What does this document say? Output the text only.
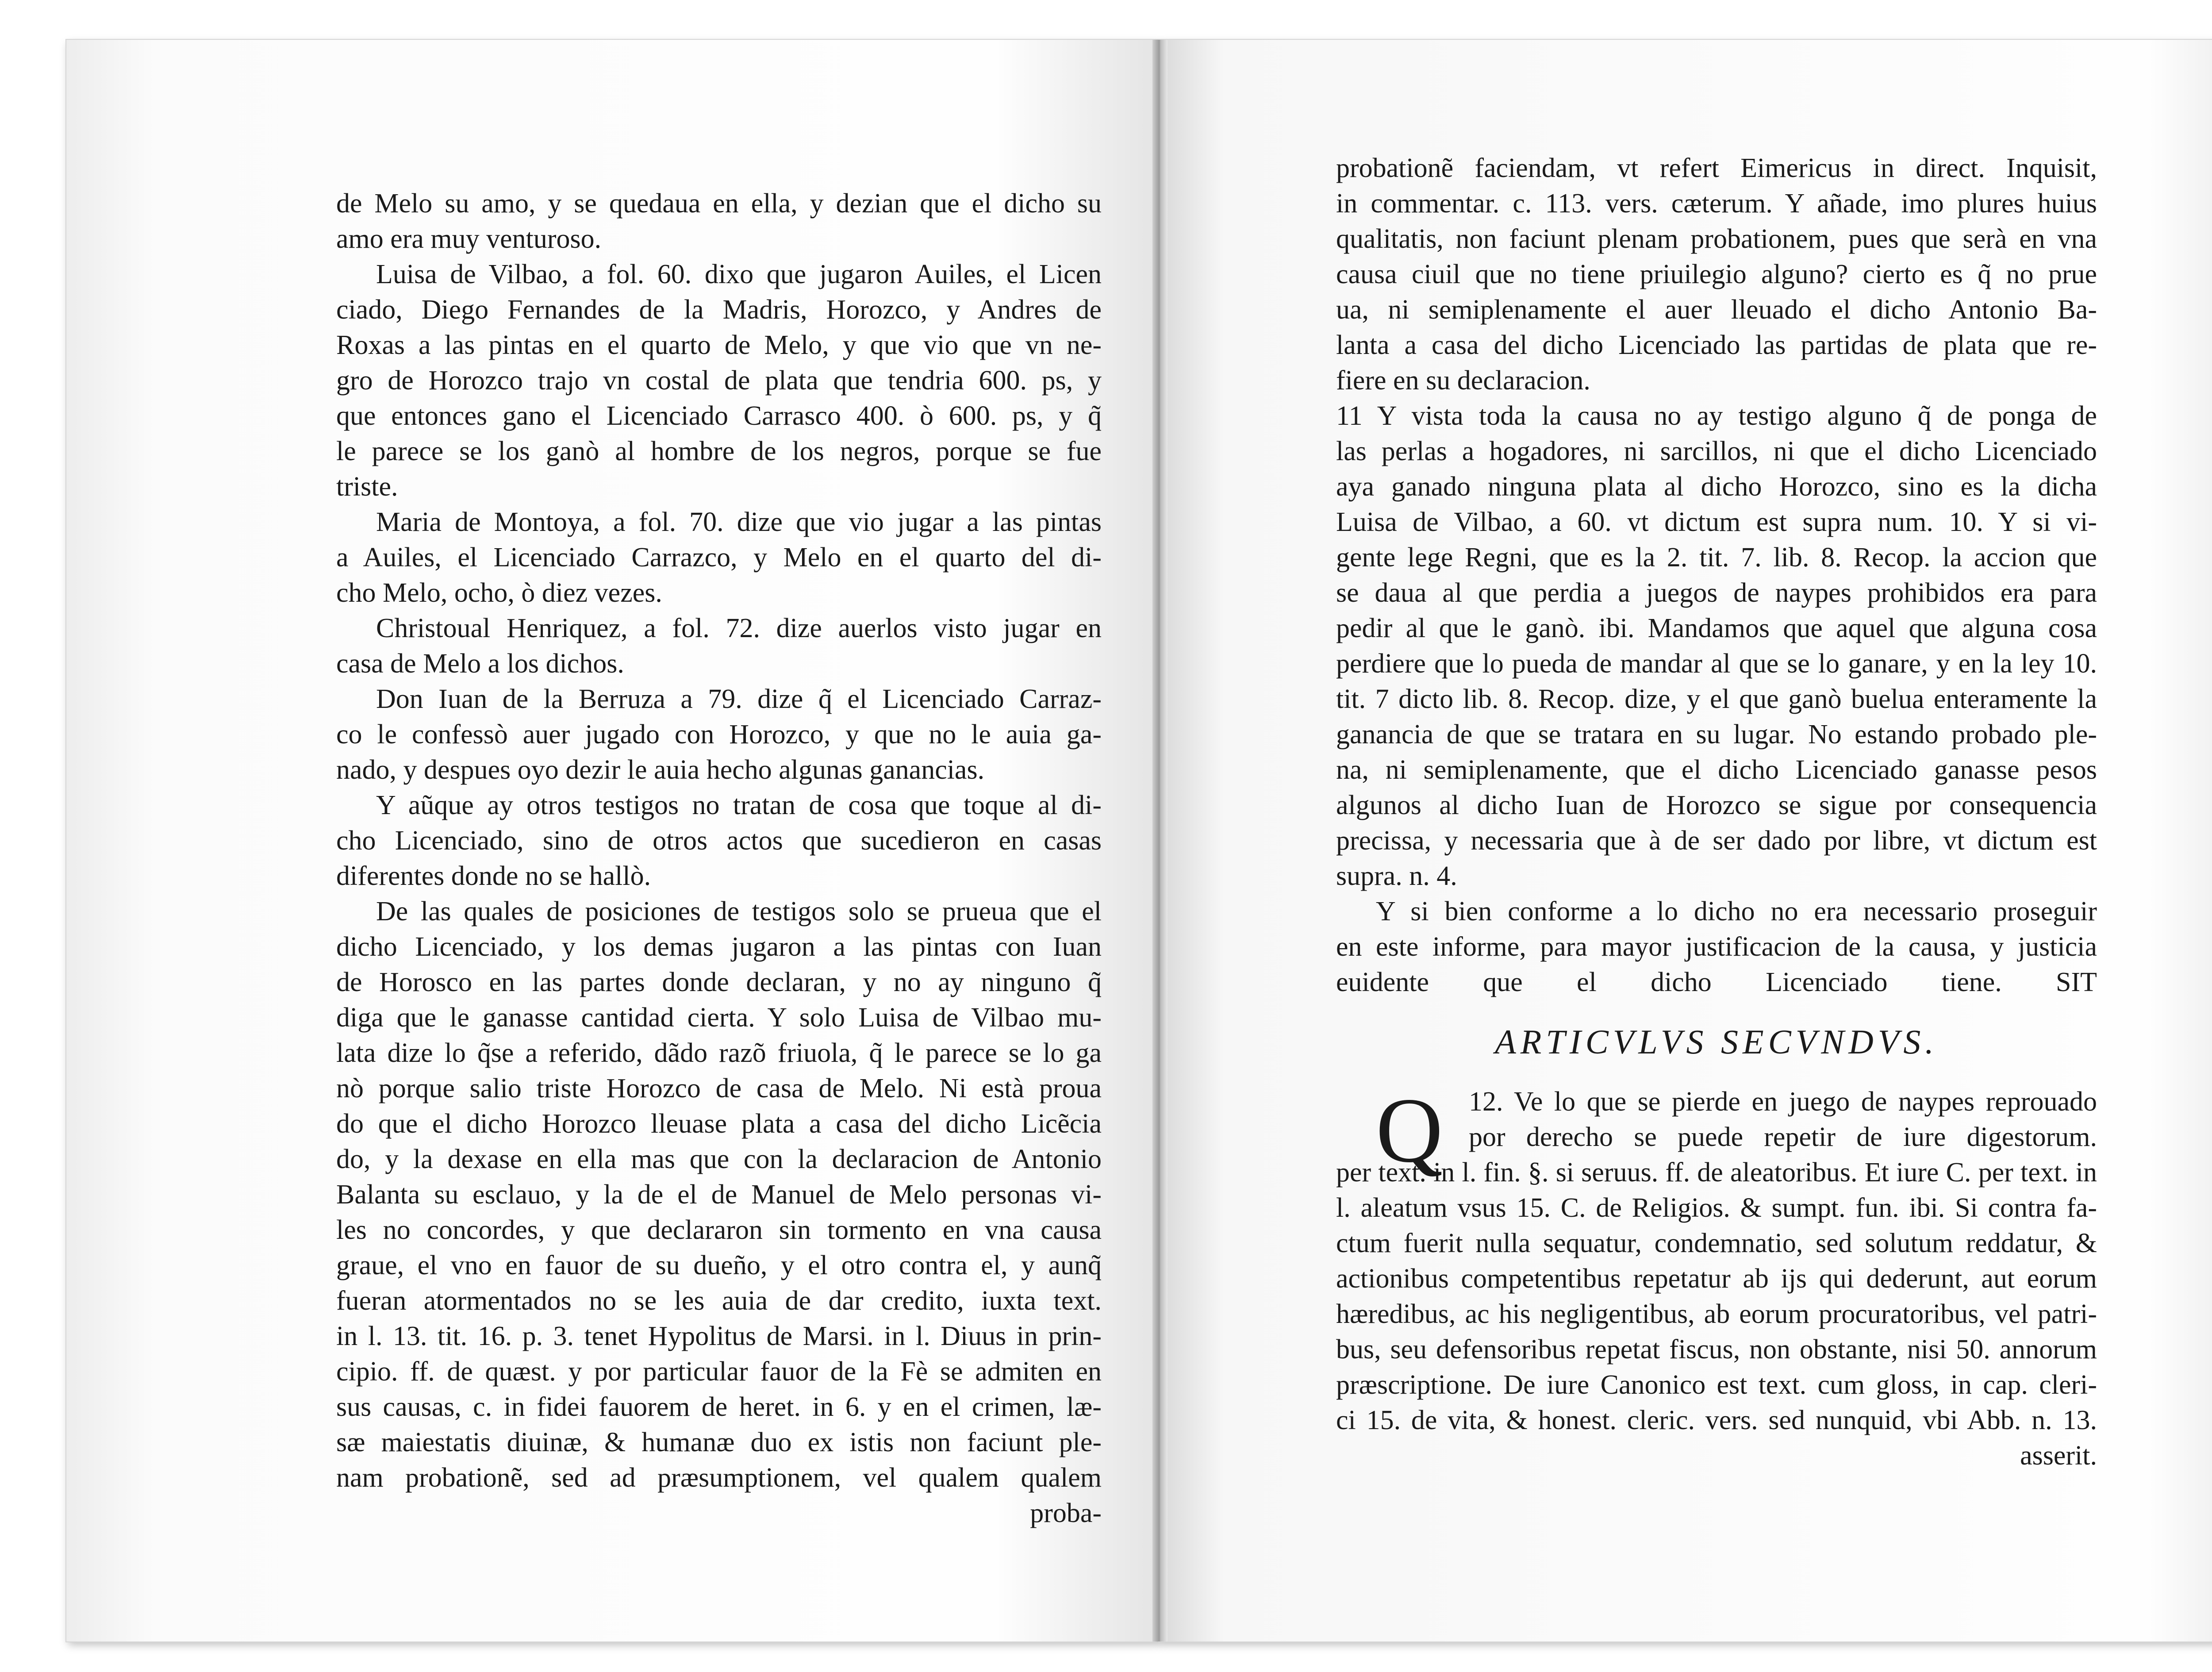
de Melo su amo, y se quedaua en ella, y dezian que el dicho su
amo era muy venturoso.
Luisa de Vilbao, a fol. 60. dixo que jugaron Auiles, el Licen
ciado, Diego Fernandes de la Madris, Horozco, y Andres de
Roxas a las pintas en el quarto de Melo, y que vio que vn ne-
gro de Horozco trajo vn costal de plata que tendria 600. ps, y
que entonces gano el Licenciado Carrasco 400. ò 600. ps, y q̃
le parece se los ganò al hombre de los negros, porque se fue
triste.
Maria de Montoya, a fol. 70. dize que vio jugar a las pintas
a Auiles, el Licenciado Carrazco, y Melo en el quarto del di-
cho Melo, ocho, ò diez vezes.
Christoual Henriquez, a fol. 72. dize auerlos visto jugar en
casa de Melo a los dichos.
Don Iuan de la Berruza a 79. dize q̃ el Licenciado Carraz-
co le confessò auer jugado con Horozco, y que no le auia ga-
nado, y despues oyo dezir le auia hecho algunas ganancias.
Y aũque ay otros testigos no tratan de cosa que toque al di-
cho Licenciado, sino de otros actos que sucedieron en casas
diferentes donde no se hallò.
De las quales de posiciones de testigos solo se prueua que el
dicho Licenciado, y los demas jugaron a las pintas con Iuan
de Horosco en las partes donde declaran, y no ay ninguno q̃
diga que le ganasse cantidad cierta. Y solo Luisa de Vilbao mu-
lata dize lo q̃se a referido, dãdo razõ friuola, q̃ le parece se lo ga
nò porque salio triste Horozco de casa de Melo. Ni està proua
do que el dicho Horozco lleuase plata a casa del dicho Licẽcia
do, y la dexase en ella mas que con la declaracion de Antonio
Balanta su esclauo, y la de el de Manuel de Melo personas vi-
les no concordes, y que declararon sin tormento en vna causa
graue, el vno en fauor de su dueño, y el otro contra el, y aunq̃
fueran atormentados no se les auia de dar credito, iuxta text.
in l. 13. tit. 16. p. 3. tenet Hypolitus de Marsi. in l. Diuus in prin-
cipio. ff. de quæst. y por particular fauor de la Fè se admiten en
sus causas, c. in fidei fauorem de heret. in 6. y en el crimen, læ-
sæ maiestatis diuinæ, & humanæ duo ex istis non faciunt ple-
nam probationẽ, sed ad præsumptionem, vel qualem qualem
proba-
probationẽ faciendam, vt refert Eimericus in direct. Inquisit,
in commentar. c. 113. vers. cæterum. Y añade, imo plures huius
qualitatis, non faciunt plenam probationem, pues que serà en vna
causa ciuil que no tiene priuilegio alguno? cierto es q̃ no prue
ua, ni semiplenamente el auer lleuado el dicho Antonio Ba-
lanta a casa del dicho Licenciado las partidas de plata que re-
fiere en su declaracion.
11 Y vista toda la causa no ay testigo alguno q̃ de ponga de
las perlas a hogadores, ni sarcillos, ni que el dicho Licenciado
aya ganado ninguna plata al dicho Horozco, sino es la dicha
Luisa de Vilbao, a 60. vt dictum est supra num. 10. Y si vi-
gente lege Regni, que es la 2. tit. 7. lib. 8. Recop. la accion que
se daua al que perdia a juegos de naypes prohibidos era para
pedir al que le ganò. ibi. Mandamos que aquel que alguna cosa
perdiere que lo pueda de mandar al que se lo ganare, y en la ley 10.
tit. 7 dicto lib. 8. Recop. dize, y el que ganò buelua enteramente la
ganancia de que se tratara en su lugar. No estando probado ple-
na, ni semiplenamente, que el dicho Licenciado ganasse pesos
algunos al dicho Iuan de Horozco se sigue por consequencia
precissa, y necessaria que à de ser dado por libre, vt dictum est
supra. n. 4.
Y si bien conforme a lo dicho no era necessario proseguir
en este informe, para mayor justificacion de la causa, y justicia
euidente que el dicho Licenciado tiene. SIT
ARTICVLVS SECVNDVS.
Q 12. Ve lo que se pierde en juego de naypes reprouado
por derecho se puede repetir de iure digestorum.
per text. in l. fin. §. si seruus. ff. de aleatoribus. Et iure C. per text. in
l. aleatum vsus 15. C. de Religios. & sumpt. fun. ibi. Si contra fa-
ctum fuerit nulla sequatur, condemnatio, sed solutum reddatur, &
actionibus competentibus repetatur ab ijs qui dederunt, aut eorum
hæredibus, ac his negligentibus, ab eorum procuratoribus, vel patri-
bus, seu defensoribus repetat fiscus, non obstante, nisi 50. annorum
præscriptione. De iure Canonico est text. cum gloss, in cap. cleri-
ci 15. de vita, & honest. cleric. vers. sed nunquid, vbi Abb. n. 13.
asserit.
